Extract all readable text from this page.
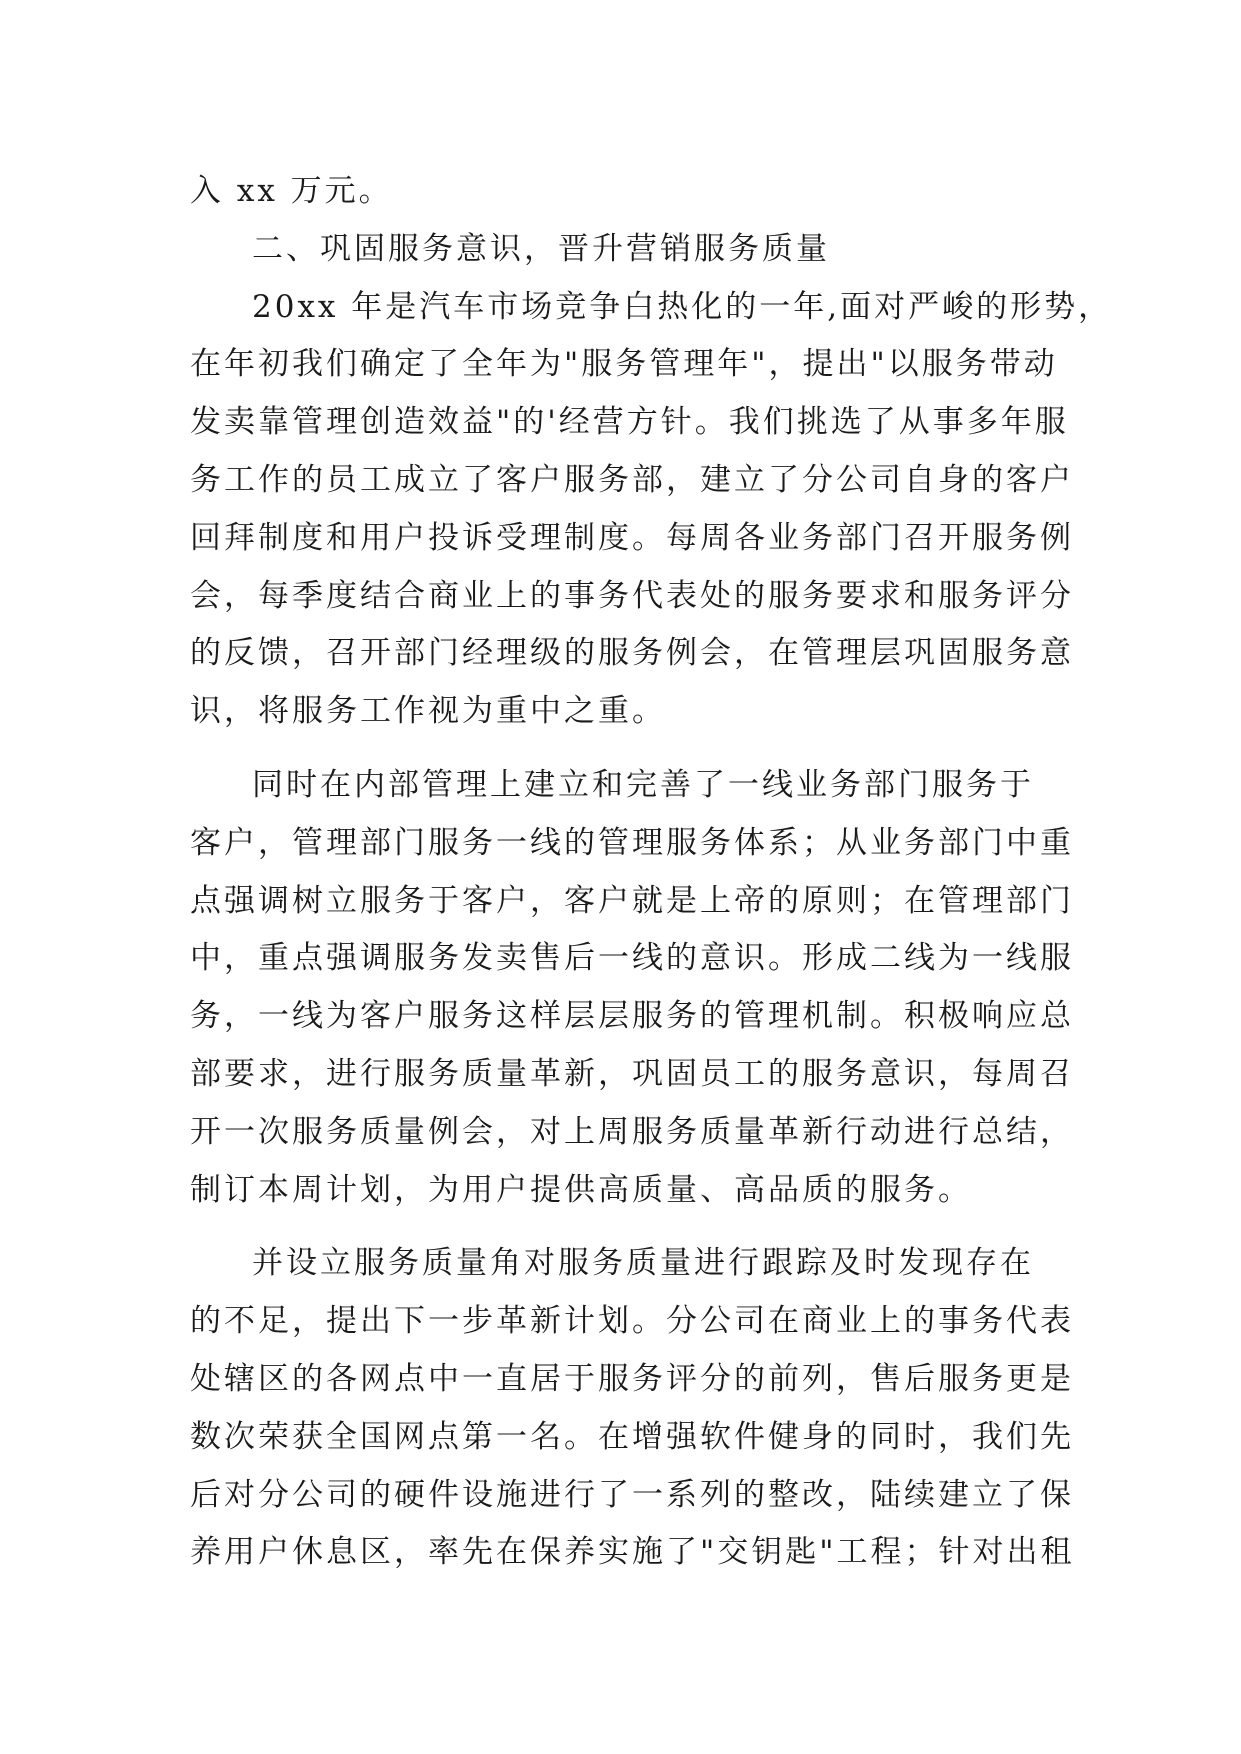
入 xx 万元。
二、巩固服务意识，晋升营销服务质量
20xx 年是汽车市场竞争白热化的一年,面对严峻的形势，
在年初我们确定了全年为"服务管理年"，提出"以服务带动
发卖靠管理创造效益"的'经营方针。我们挑选了从事多年服
务工作的员工成立了客户服务部，建立了分公司自身的客户
回拜制度和用户投诉受理制度。每周各业务部门召开服务例
会，每季度结合商业上的事务代表处的服务要求和服务评分
的反馈，召开部门经理级的服务例会，在管理层巩固服务意
识，将服务工作视为重中之重。
同时在内部管理上建立和完善了一线业务部门服务于
客户，管理部门服务一线的管理服务体系；从业务部门中重
点强调树立服务于客户，客户就是上帝的原则；在管理部门
中，重点强调服务发卖售后一线的意识。形成二线为一线服
务，一线为客户服务这样层层服务的管理机制。积极响应总
部要求，进行服务质量革新，巩固员工的服务意识，每周召
开一次服务质量例会，对上周服务质量革新行动进行总结，
制订本周计划，为用户提供高质量、高品质的服务。
并设立服务质量角对服务质量进行跟踪及时发现存在
的不足，提出下一步革新计划。分公司在商业上的事务代表
处辖区的各网点中一直居于服务评分的前列，售后服务更是
数次荣获全国网点第一名。在增强软件健身的同时，我们先
后对分公司的硬件设施进行了一系列的整改，陆续建立了保
养用户休息区，率先在保养实施了"交钥匙"工程；针对出租
